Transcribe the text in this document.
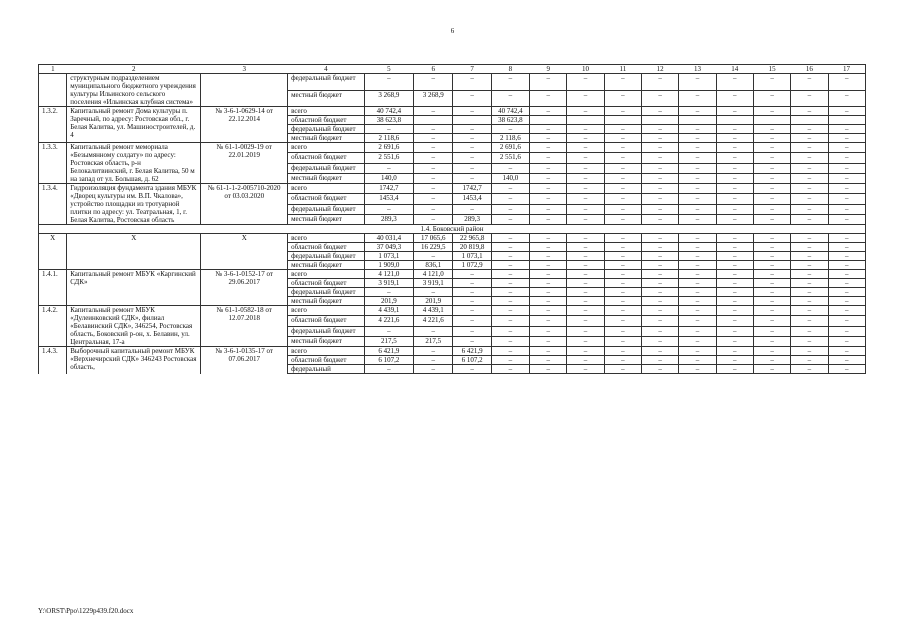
6
1	2	3	4	5	6	7	8	9	10	11	12	13	14	15	16	17
	структурным подразделением муниципального бюджетного учреждения культуры Ильинского сельского поселения «Ильинская клубная система»		федеральный бюджет	–	–	–	–	–	–	–	–	–	–	–	–	–
			местный бюджет	3 268,9	3 268,9	–	–	–	–	–	–	–	–	–	–	–
1.3.2.	Капитальный ремонт Дома культуры п. Заречный, по адресу: Ростовская обл., г. Белая Калитва, ул. Машиностроителей, д. 4	№ 3-6-1-0629-14 от 22.12.2014	всего	40 742,4	–	–	40 742,4	–	–	–	–	–	–	–	–	–
			областной бюджет	38 623,8			38 623,8									
			федеральный бюджет	–	–	–	–	–	–	–	–	–	–	–	–	–
			местный бюджет	2 118,6	–	–	2 118,6	–	–	–	–	–	–	–	–	–
1.3.3.	Капитальный ремонт мемориала «Безымянному солдату» по адресу: Ростовская область, р-н Белокалитвинский, г. Белая Калитва, 50 м на запад от ул. Большая, д. 62	№ 61-1-0029-19 от 22.01.2019	всего	2 691,6	–	–	2 691,6	–	–	–	–	–	–	–	–	–
			областной бюджет	2 551,6	–	–	2 551,6	–	–	–	–	–	–	–	–	–
			федеральный бюджет	–	–	–	–	–	–	–	–	–	–	–	–	–
			местный бюджет	140,0	–	–	140,0	–	–	–	–	–	–	–	–	–
1.3.4.	Гидроизоляция фундамента здания МБУК «Дворец культуры им. В.П. Чкалова», устройство площадки из тротуарной плитки по адресу: ул. Театральная, 1, г. Белая Калитва, Ростовская область	№ 61-1-1-2-005710-2020 от 03.03.2020	всего	1742,7	–	1742,7	–	–	–	–	–	–	–	–	–	–
			областной бюджет	1453,4	–	1453,4	–	–	–	–	–	–	–	–	–	–
			федеральный бюджет	–	–	–	–	–	–	–	–	–	–	–	–	–
			местный бюджет	289,3	–	289,3	–	–	–	–	–	–	–	–	–	–
1.4. Боковский район																
Х	Х	Х	всего	40 031,4	17 065,6	22 965,8	–	–	–	–	–	–	–	–	–	–
			областной бюджет	37 049,3	16 229,5	20 819,8	–	–	–	–	–	–	–	–	–	–
			федеральный бюджет	1 073,1	–	1 073,1	–	–	–	–	–	–	–	–	–	–
			местный бюджет	1 909,0	836,1	1 072,9	–	–	–	–	–	–	–	–	–	–
1.4.1.	Капитальный ремонт МБУК «Каргинский СДК»	№ 3-6-1-0152-17 от 29.06.2017	всего	4 121,0	4 121,0	–	–	–	–	–	–	–	–	–	–	–
			областной бюджет	3 919,1	3 919,1	–	–	–	–	–	–	–	–	–	–	–
			федеральный бюджет	–	–	–	–	–	–	–	–	–	–	–	–	–
			местный бюджет	201,9	201,9	–	–	–	–	–	–	–	–	–	–	–
1.4.2.	Капитальный ремонт МБУК «Дулеинковский СДК», филиал «Белавинский СДК», 346254, Ростовская область, Боковский р-он, х. Белавин, ул. Центральная, 17-а	№ 61-1-0582-18 от 12.07.2018	всего	4 439,1	4 439,1	–	–	–	–	–	–	–	–	–	–	–
			областной бюджет	4 221,6	4 221,6	–	–	–	–	–	–	–	–	–	–	–
			федеральный бюджет	–	–	–	–	–	–	–	–	–	–	–	–	–
			местный бюджет	217,5	217,5	–	–	–	–	–	–	–	–	–	–	–
1.4.3.	Выборочный капитальный ремонт МБУК «Верхнечирский СДК» 346243 Ростовская область,	№ 3-6-1-0135-17 от 07.06.2017	всего	6 421,9	–	6 421,9	–	–	–	–	–	–	–	–	–	–
			областной бюджет	6 107,2	–	6 107,2	–	–	–	–	–	–	–	–	–	–
			федеральный	–	–	–	–	–	–	–	–	–	–	–	–	–
Y:\ORST\Ppo\1229p439.f20.docx
